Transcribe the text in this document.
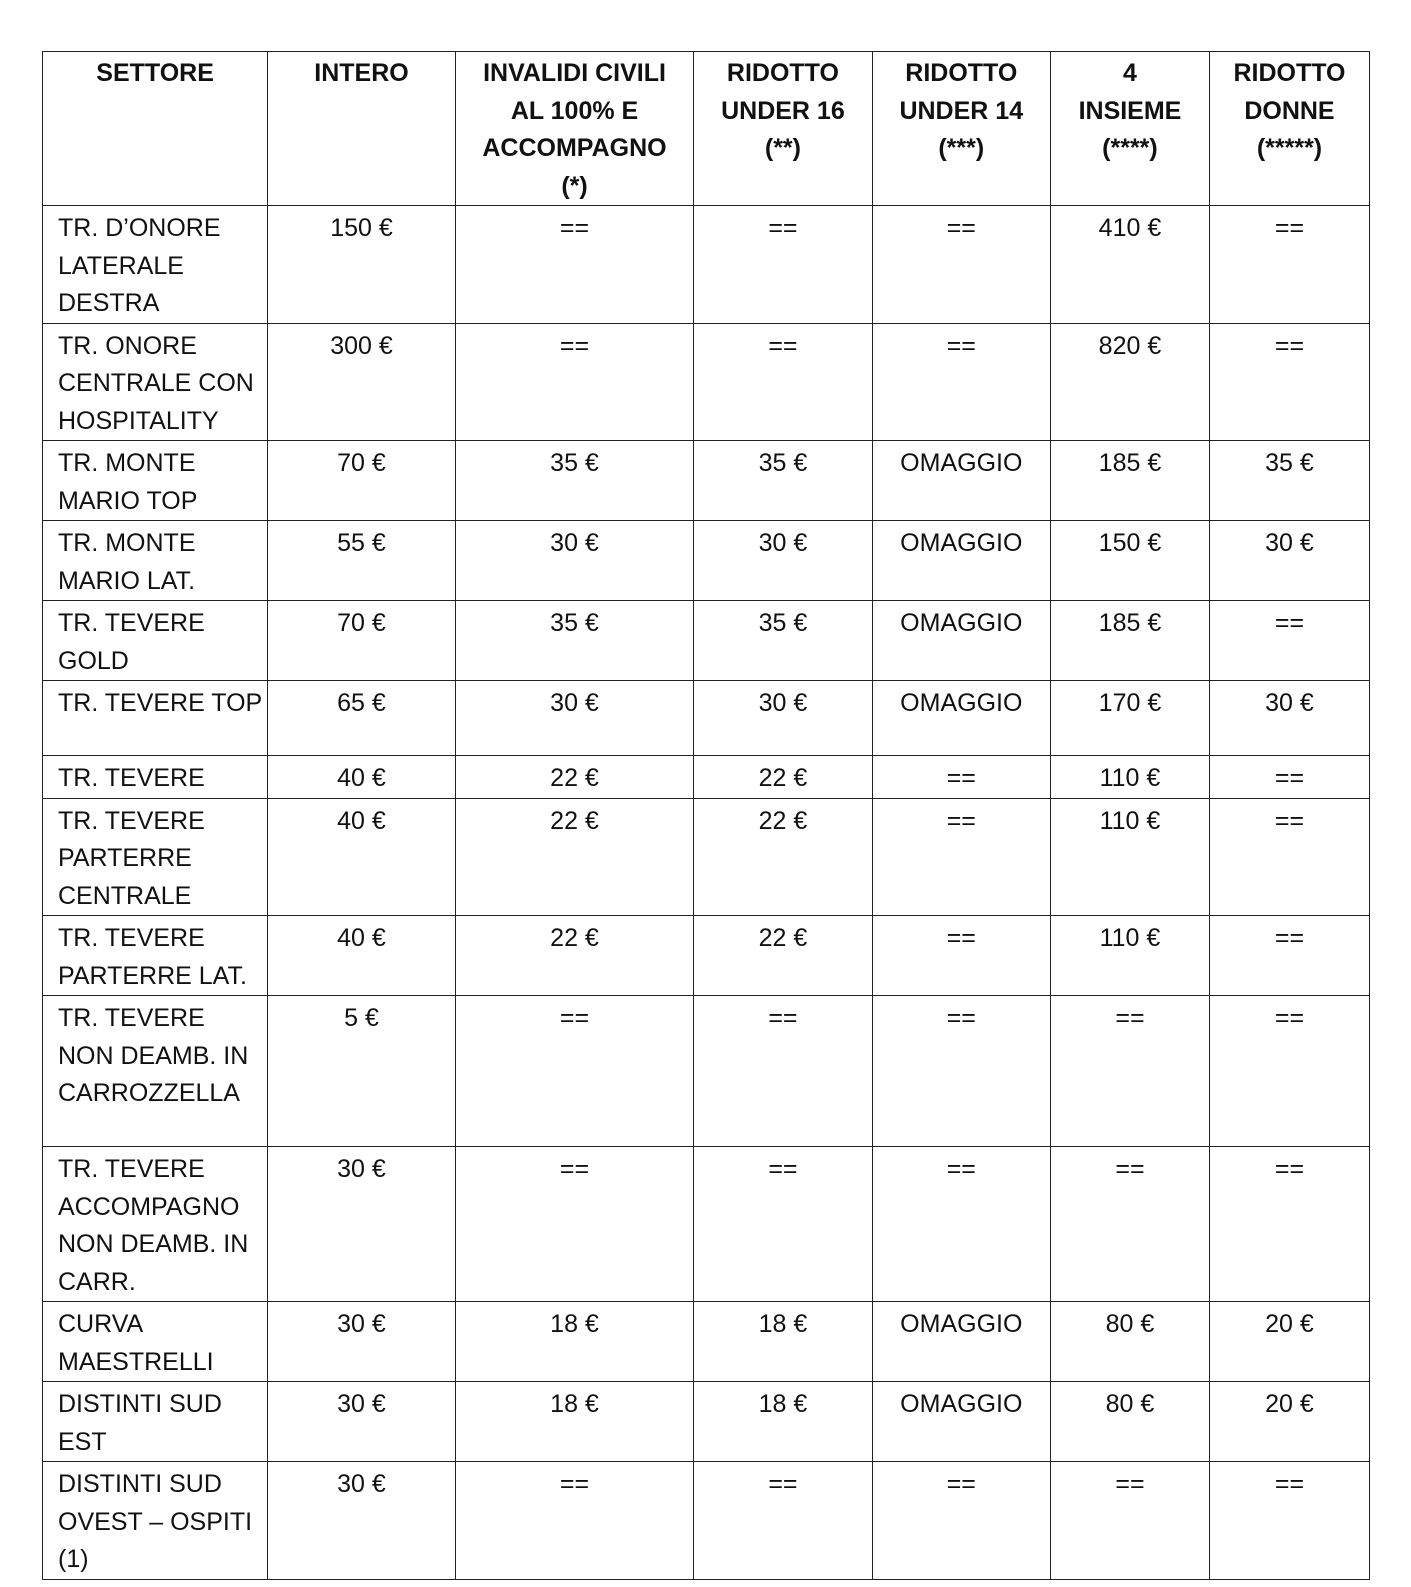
SETTORE	INTERO	INVALIDI CIVILI
AL 100% E
ACCOMPAGNO
(*)	RIDOTTO
UNDER 16
(**)	RIDOTTO
UNDER 14
(***)	4
INSIEME
(****)	RIDOTTO
DONNE
(*****)

TR. D’ONORE LATERALE DESTRA	150 €	==	==	==	410 €	==
TR. ONORE CENTRALE CON HOSPITALITY	300 €	==	==	==	820 €	==
TR. MONTE MARIO TOP	70 €	35 €	35 €	OMAGGIO	185 €	35 €
TR. MONTE MARIO LAT.	55 €	30 €	30 €	OMAGGIO	150 €	30 €
TR. TEVERE GOLD	70 €	35 €	35 €	OMAGGIO	185 €	==
TR. TEVERE TOP	65 €	30 €	30 €	OMAGGIO	170 €	30 €
TR. TEVERE	40 €	22 €	22 €	==	110 €	==
TR. TEVERE PARTERRE CENTRALE	40 €	22 €	22 €	==	110 €	==
TR. TEVERE PARTERRE LAT.	40 €	22 €	22 €	==	110 €	==
TR. TEVERE NON DEAMB. IN CARROZZELLA	5 €	==	==	==	==	==
TR. TEVERE ACCOMPAGNO NON DEAMB. IN CARR.	30 €	==	==	==	==	==
CURVA MAESTRELLI	30 €	18 €	18 €	OMAGGIO	80 €	20 €
DISTINTI SUD EST	30 €	18 €	18 €	OMAGGIO	80 €	20 €
DISTINTI SUD OVEST – OSPITI (1)	30 €	==	==	==	==	==
